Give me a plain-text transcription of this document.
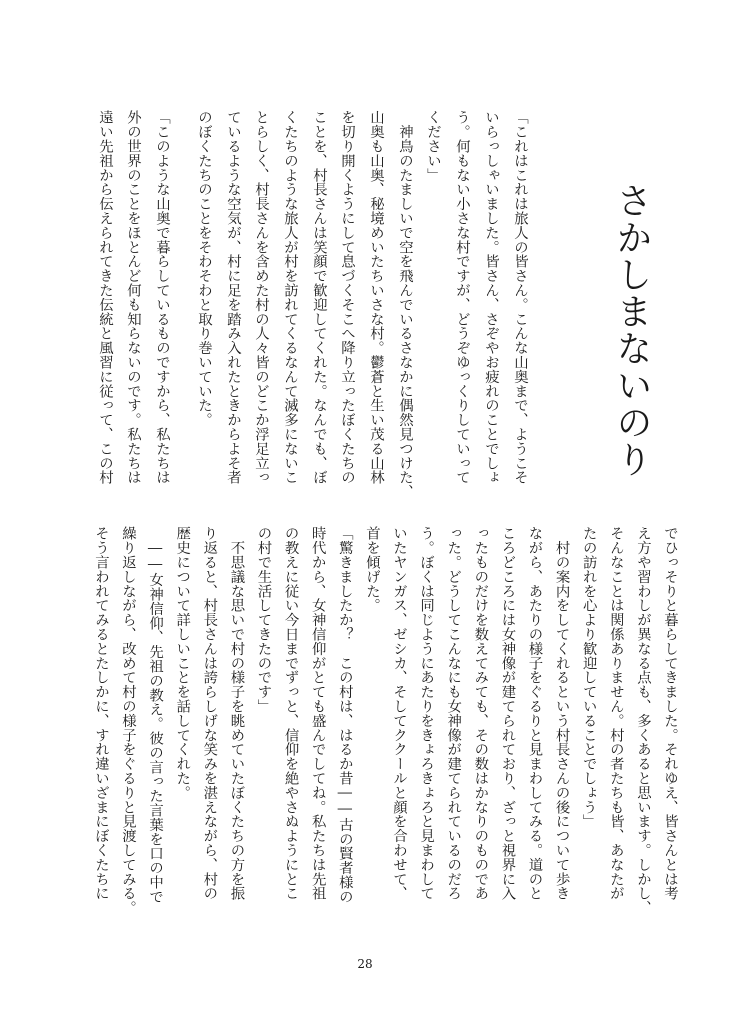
さかしまないのり
「これはこれは旅人の皆さん。こんな山奥まで、ようこそ
いらっしゃいました。皆さん、さぞやお疲れのことでしょ
う。何もない小さな村ですが、どうぞゆっくりしていって
ください」
　神鳥のたましいで空を飛んでいるさなかに偶然見つけた、
山奥も山奥、秘境めいたちいさな村。鬱蒼と生い茂る山林
を切り開くようにして息づくそこへ降り立ったぼくたちの
ことを、村長さんは笑顔で歓迎してくれた。なんでも、ぼ
くたちのような旅人が村を訪れてくるなんて滅多にないこ
とらしく、村長さんを含めた村の人々皆のどこか浮足立っ
ているような空気が、村に足を踏み入れたときからよそ者
のぼくたちのことをそわそわと取り巻いていた。
「このような山奥で暮らしているものですから、私たちは
外の世界のことをほとんど何も知らないのです。私たちは
遠い先祖から伝えられてきた伝統と風習に従って、この村
でひっそりと暮らしてきました。それゆえ、皆さんとは考
え方や習わしが異なる点も、多くあると思います。しかし、
そんなことは関係ありません。村の者たちも皆、あなたが
たの訪れを心より歓迎していることでしょう」
　村の案内をしてくれるという村長さんの後について歩き
ながら、あたりの様子をぐるりと見まわしてみる。道のと
ころどころには女神像が建てられており、ざっと視界に入
ったものだけを数えてみても、その数はかなりのものであ
った。どうしてこんなにも女神像が建てられているのだろ
う。ぼくは同じようにあたりをきょろきょろと見まわして
いたヤンガス、ゼシカ、そしてククールと顔を合わせて、
首を傾げた。
「驚きましたか？　この村は、はるか昔――古の賢者様の
時代から、女神信仰がとても盛んでしてね。私たちは先祖
の教えに従い今日までずっと、信仰を絶やさぬようにとこ
の村で生活してきたのです」
　不思議な思いで村の様子を眺めていたぼくたちの方を振
り返ると、村長さんは誇らしげな笑みを湛えながら、村の
歴史について詳しいことを話してくれた。
　――女神信仰、先祖の教え。彼の言った言葉を口の中で
繰り返しながら、改めて村の様子をぐるりと見渡してみる。
そう言われてみるとたしかに、すれ違いざまにぼくたちに
28
